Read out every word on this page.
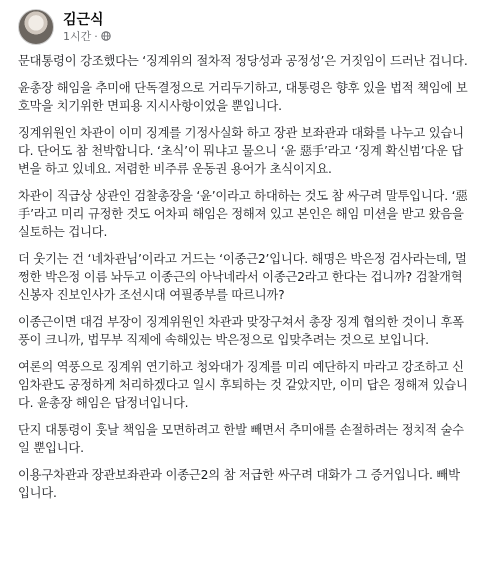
김근식
1시간 ·

문대통령이 강조했다는 ‘징계위의 절차적 정당성과 공정성’은 거짓임이 드러난 겁니다.

윤총장 해임을 추미애 단독결정으로 거리두기하고, 대통령은 향후 있을 법적 책임에 보호막을 치기위한 면피용 지시사항이었을 뿐입니다.

징계위원인 차관이 이미 징계를 기정사실화 하고 장관 보좌관과 대화를 나누고 있습니다. 단어도 참 천박합니다. ‘초식’이 뭐냐고 물으니 ‘윤 惡手’라고 ‘징계 확신범’다운 답변을 하고 있네요. 저렴한 비주류 운동권 용어가 초식이지요.

차관이 직급상 상관인 검찰총장을 ‘윤’이라고 하대하는 것도 참 싸구려 말투입니다. ‘惡手’라고 미리 규정한 것도 어차피 해임은 정해져 있고 본인은 해임 미션을 받고 왔음을 실토하는 겁니다.

더 웃기는 건 ‘네차관님’이라고 거드는 ‘이종근2’입니다. 해명은 박은정 검사라는데, 멀쩡한 박은정 이름 놔두고 이종근의 아낙네라서 이종근2라고 한다는 겁니까? 검찰개혁 신봉자 진보인사가 조선시대 여필종부를 따르니까?

이종근이면 대검 부장이 징계위원인 차관과 맞장구쳐서 총장 징계 협의한 것이니 후폭풍이 크니까, 법무부 직제에 속해있는 박은정으로 입맞추려는 것으로 보입니다.

여론의 역풍으로 징계위 연기하고 청와대가 징계를 미리 예단하지 마라고 강조하고 신임차관도 공정하게 처리하겠다고 일시 후퇴하는 것 같았지만, 이미 답은 정해져 있습니다. 윤총장 해임은 답정너입니다.

단지 대통령이 훗날 책임을 모면하려고 한발 빼면서 추미애를 손절하려는 정치적 술수일 뿐입니다.

이용구차관과 장관보좌관과 이종근2의 참 저급한 싸구려 대화가 그 증거입니다. 빼박입니다.
